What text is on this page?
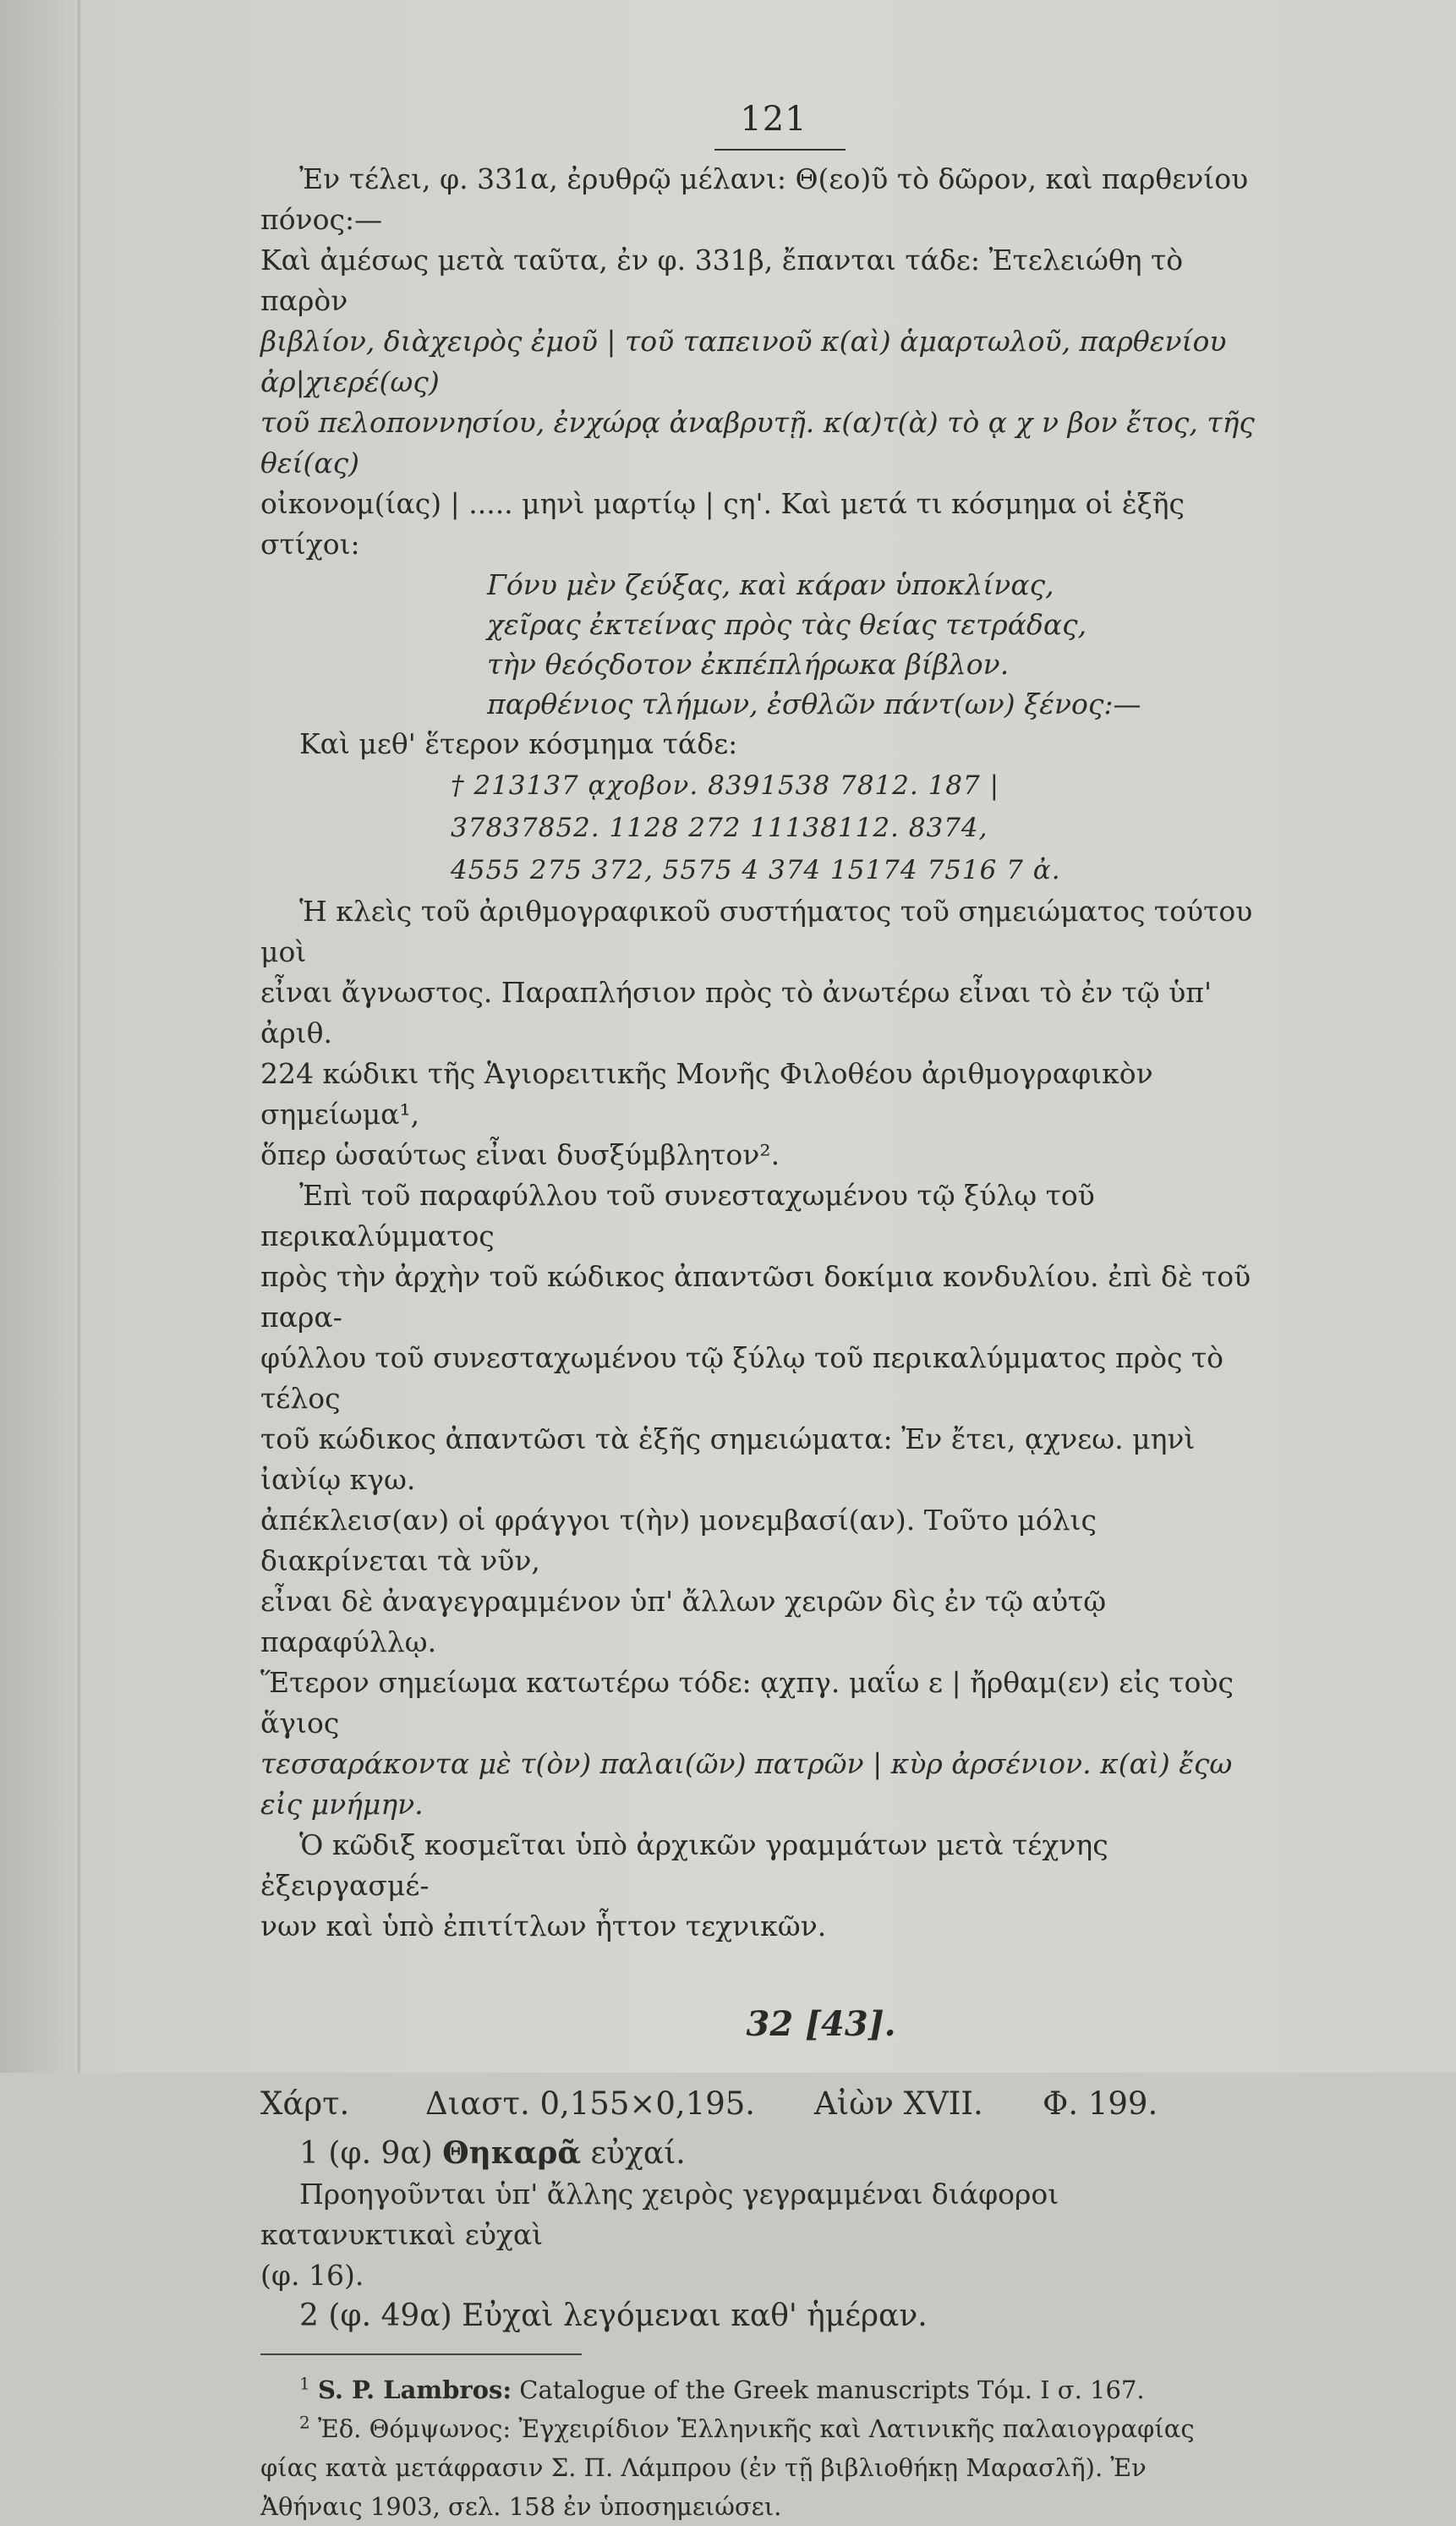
121

Ἐν τέλει, φ. 331α, ἐρυθρῷ μέλανι: Θ(εο)ῦ τὸ δῶρον, καὶ παρθενίου πόνος:—

Καὶ ἀμέσως μετὰ ταῦτα, ἐν φ. 331β, ἔπανται τάδε: Ἐτελειώθη τὸ παρὸν

βιβλίον, διὰχειρὸς ἐμοῦ | τοῦ ταπεινοῦ κ(αὶ) ἁμαρτωλοῦ, παρθενίου ἀρ|χιερέ(ως)

τοῦ πελοποννησίου, ἐνχώρᾳ ἀναβρυτῇ. κ(α)τ(ὰ) τὸ ᾳ χ ν βον ἔτος, τῆς θεί(ας)

οἰκονομ(ίας) | ..... μηνὶ μαρτίῳ | ςη'. Καὶ μετά τι κόσμημα οἱ ἑξῆς στίχοι:

Γόνυ μὲν ζεύξας, καὶ κάραν ὑποκλίνας,

χεῖρας ἐκτείνας πρὸς τὰς θείας τετράδας,

τὴν θεόςδοτον ἐκπέπλήρωκα βίβλον.

παρθένιος τλήμων, ἐσθλῶν πάντ(ων) ξένος:—

Καὶ μεθ' ἕτερον κόσμημα τάδε:

† 213137 ᾳχοβον. 8391538 7812. 187 |

37837852. 1128 272 11138112. 8374,

4555 275 372, 5575 4 374 15174 7516 7 ἀ.

Ἡ κλεὶς τοῦ ἀριθμογραφικοῦ συστήματος τοῦ σημειώματος τούτου μοὶ

εἶναι ἄγνωστος. Παραπλήσιον πρὸς τὸ ἀνωτέρω εἶναι τὸ ἐν τῷ ὑπ' ἀριθ.

224 κώδικι τῆς Ἁγιορειτικῆς Μονῆς Φιλοθέου ἀριθμογραφικὸν σημείωμα¹,

ὅπερ ὡσαύτως εἶναι δυσξύμβλητον².

Ἐπὶ τοῦ παραφύλλου τοῦ συνεσταχωμένου τῷ ξύλῳ τοῦ περικαλύμματος

πρὸς τὴν ἀρχὴν τοῦ κώδικος ἀπαντῶσι δοκίμια κονδυλίου. ἐπὶ δὲ τοῦ παρα-

φύλλου τοῦ συνεσταχωμένου τῷ ξύλῳ τοῦ περικαλύμματος πρὸς τὸ τέλος

τοῦ κώδικος ἀπαντῶσι τὰ ἑξῆς σημειώματα: Ἐν ἔτει, ᾳχνεω. μηνὶ ἰαν̀ίῳ κγω.

ἀπέκλεισ(αν) οἱ φράγγοι τ(ὴν) μονεμβασί(αν). Τοῦτο μόλις διακρίνεται τὰ νῦν,

εἶναι δὲ ἀναγεγραμμένον ὑπ' ἄλλων χειρῶν δὶς ἐν τῷ αὐτῷ παραφύλλῳ.

Ἕτερον σημείωμα κατωτέρω τόδε: ᾳχπγ. μαΐω ε | ἤρθαμ(εν) εἰς τοὺς ἅγιος

τεσσαράκοντα μὲ τ(ὸν) παλαι(ῶν) πατρῶν | κὺρ ἀρσένιον. κ(αὶ) ἔςω εἰς μνήμην.

Ὁ κῶδιξ κοσμεῖται ὑπὸ ἀρχικῶν γραμμάτων μετὰ τέχνης ἐξειργασμέ-

νων καὶ ὑπὸ ἐπιτίτλων ἧττον τεχνικῶν.

32 [43].

Χάρτ.	Διαστ. 0,155×0,195.	Αἰὼν XVII.	Φ. 199.

1 (φ. 9α) Θηκαρᾶ εὐχαί.

Προηγοῦνται ὑπ' ἄλλης χειρὸς γεγραμμέναι διάφοροι κατανυκτικαὶ εὐχαὶ

(φ. 16).

2 (φ. 49α) Εὐχαὶ λεγόμεναι καθ' ἡμέραν.

$^1$ S. P. Lambros: Catalogue of the Greek manuscripts Τόμ. Ι σ. 167.

$^2$ Ἐδ. Θόμψωνος: Ἐγχειρίδιον Ἑλληνικῆς καὶ Λατινικῆς παλαιογραφίας

φίας κατὰ μετάφρασιν Σ. Π. Λάμπρου (ἐν τῇ βιβλιοθήκῃ Μαρασλῆ). Ἐν

Ἀθήναις 1903, σελ. 158 ἐν ὑποσημειώσει.
